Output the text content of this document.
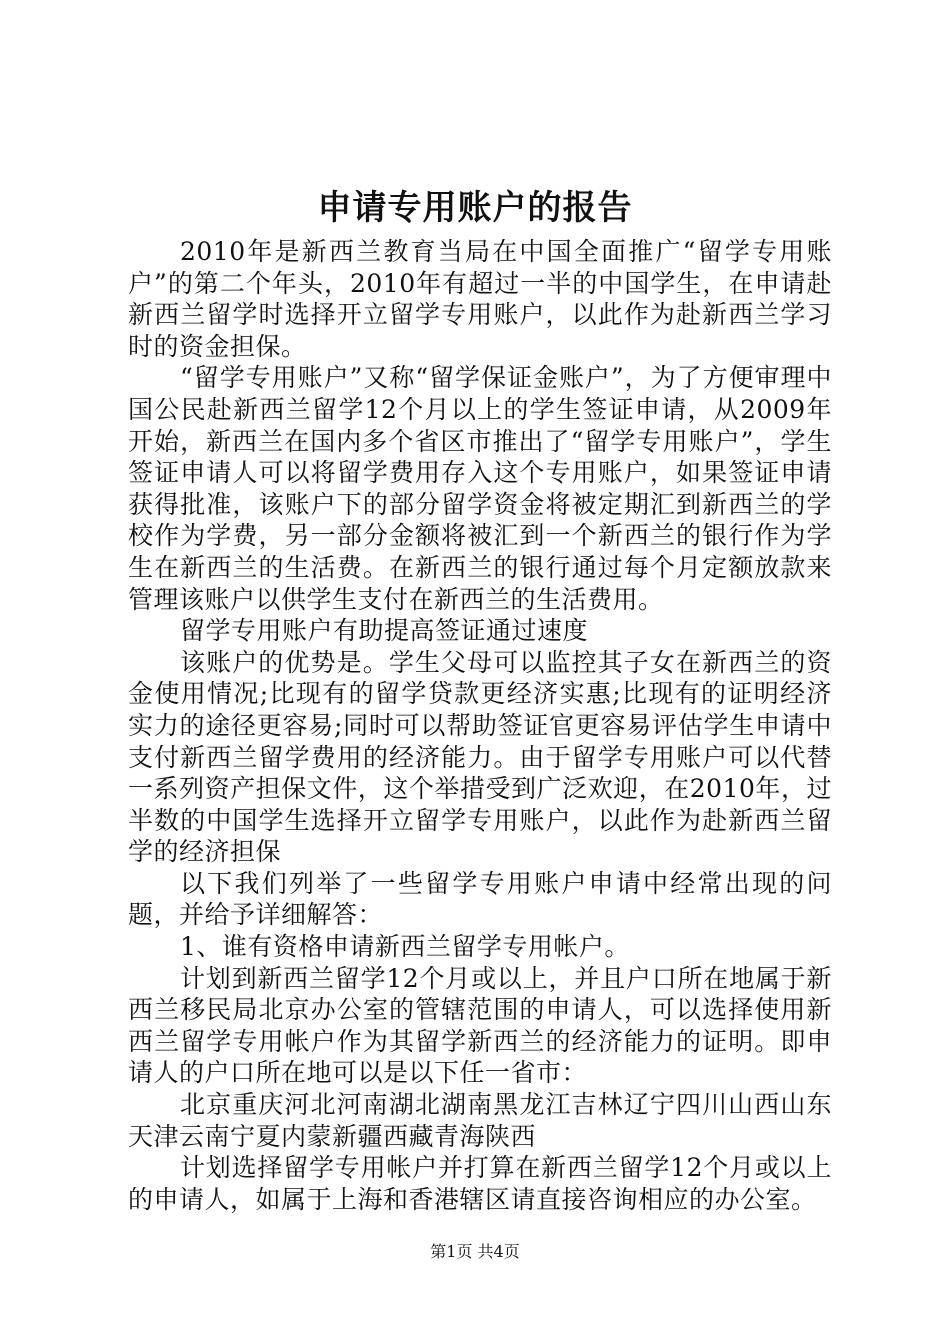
申请专用账户的报告

2010年是新西兰教育当局在中国全面推广“留学专用账户”的第二个年头，2010年有超过一半的中国学生，在申请赴新西兰留学时选择开立留学专用账户，以此作为赴新西兰学习时的资金担保。

“留学专用账户”又称“留学保证金账户”，为了方便审理中国公民赴新西兰留学12个月以上的学生签证申请，从2009年开始，新西兰在国内多个省区市推出了“留学专用账户”，学生签证申请人可以将留学费用存入这个专用账户，如果签证申请获得批准，该账户下的部分留学资金将被定期汇到新西兰的学校作为学费，另一部分金额将被汇到一个新西兰的银行作为学生在新西兰的生活费。在新西兰的银行通过每个月定额放款来管理该账户以供学生支付在新西兰的生活费用。

留学专用账户有助提高签证通过速度

该账户的优势是。学生父母可以监控其子女在新西兰的资金使用情况;比现有的留学贷款更经济实惠;比现有的证明经济实力的途径更容易;同时可以帮助签证官更容易评估学生申请中支付新西兰留学费用的经济能力。由于留学专用账户可以代替一系列资产担保文件，这个举措受到广泛欢迎，在2010年，过半数的中国学生选择开立留学专用账户，以此作为赴新西兰留学的经济担保

以下我们列举了一些留学专用账户申请中经常出现的问题，并给予详细解答：

1、谁有资格申请新西兰留学专用帐户。

计划到新西兰留学12个月或以上，并且户口所在地属于新西兰移民局北京办公室的管辖范围的申请人，可以选择使用新西兰留学专用帐户作为其留学新西兰的经济能力的证明。即申请人的户口所在地可以是以下任一省市：

北京重庆河北河南湖北湖南黑龙江吉林辽宁四川山西山东天津云南宁夏内蒙新疆西藏青海陕西

计划选择留学专用帐户并打算在新西兰留学12个月或以上的申请人，如属于上海和香港辖区请直接咨询相应的办公室。

第1页 共4页
